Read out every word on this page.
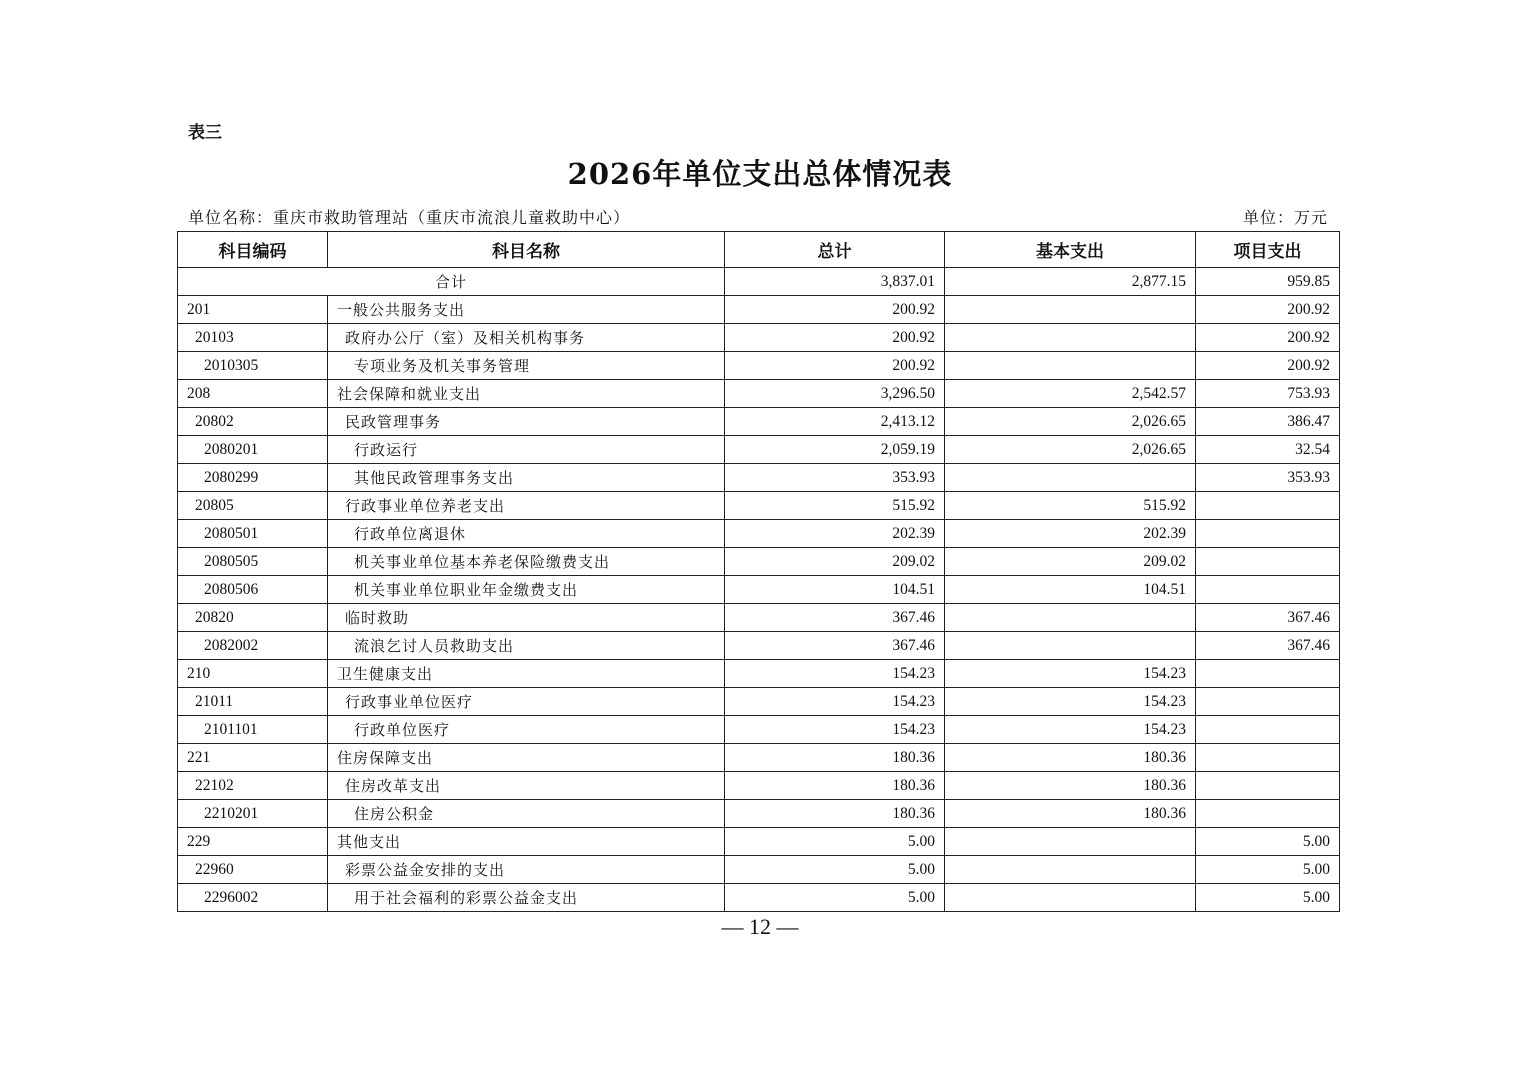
表三
2026年单位支出总体情况表
单位名称：重庆市救助管理站（重庆市流浪儿童救助中心）	单位：万元
科目编码	科目名称	总计	基本支出	项目支出
合计		3,837.01	2,877.15	959.85
201	一般公共服务支出	200.92		200.92
20103	政府办公厅（室）及相关机构事务	200.92		200.92
2010305	专项业务及机关事务管理	200.92		200.92
208	社会保障和就业支出	3,296.50	2,542.57	753.93
20802	民政管理事务	2,413.12	2,026.65	386.47
2080201	行政运行	2,059.19	2,026.65	32.54
2080299	其他民政管理事务支出	353.93		353.93
20805	行政事业单位养老支出	515.92	515.92	
2080501	行政单位离退休	202.39	202.39	
2080505	机关事业单位基本养老保险缴费支出	209.02	209.02	
2080506	机关事业单位职业年金缴费支出	104.51	104.51	
20820	临时救助	367.46		367.46
2082002	流浪乞讨人员救助支出	367.46		367.46
210	卫生健康支出	154.23	154.23	
21011	行政事业单位医疗	154.23	154.23	
2101101	行政单位医疗	154.23	154.23	
221	住房保障支出	180.36	180.36	
22102	住房改革支出	180.36	180.36	
2210201	住房公积金	180.36	180.36	
229	其他支出	5.00		5.00
22960	彩票公益金安排的支出	5.00		5.00
2296002	用于社会福利的彩票公益金支出	5.00		5.00
— 12 —
